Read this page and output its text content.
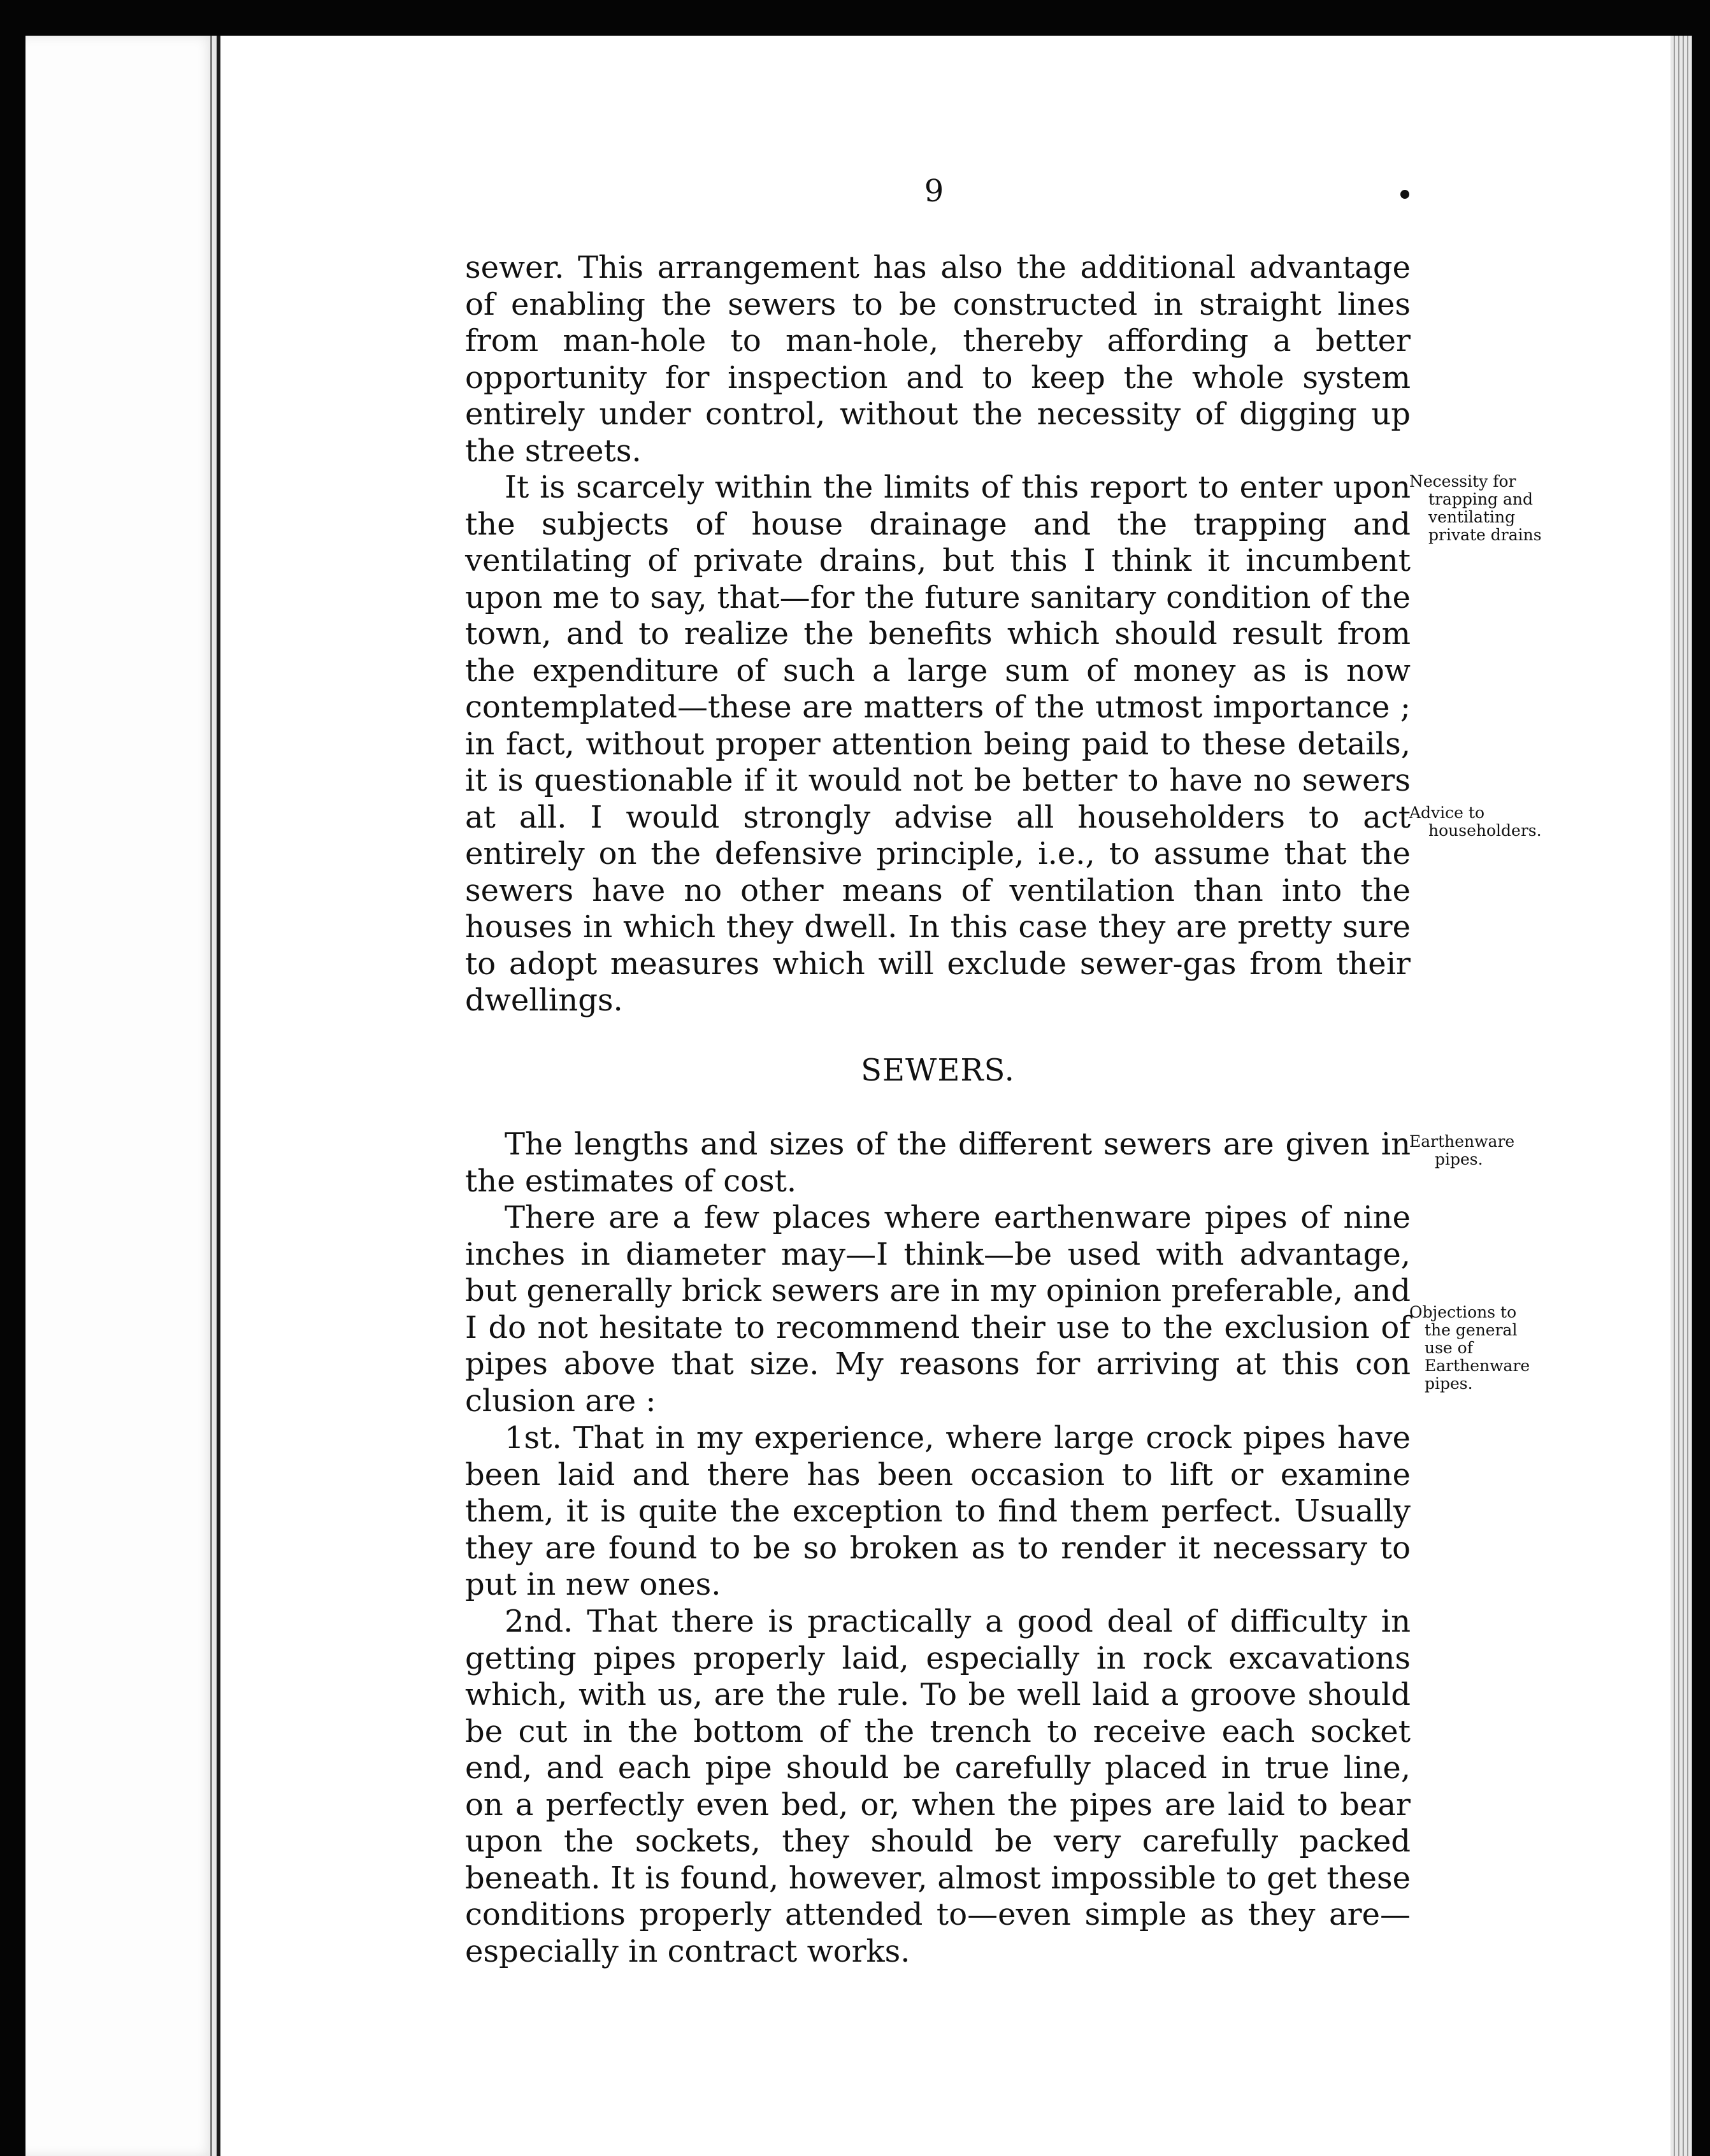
9

sewer. This arrangement has also the additional advantage of enabling the sewers to be constructed in straight lines from man-hole to man-hole, thereby affording a better opportunity for inspection and to keep the whole system entirely under control, without the necessity of digging up the streets.

It is scarcely within the limits of this report to enter upon the subjects of house drainage and the trapping and ventilating of private drains, but this I think it incumbent upon me to say, that—for the future sanitary condition of the town, and to realize the benefits which should result from the expenditure of such a large sum of money as is now contemplated—these are matters of the utmost importance ; in fact, without proper attention being paid to these details, it is questionable if it would not be better to have no sewers at all. I would strongly advise all householders to act entirely on the defensive principle, i.e., to assume that the sewers have no other means of ventilation than into the houses in which they dwell. In this case they are pretty sure to adopt measures which will exclude sewer-gas from their dwellings.

SEWERS.

The lengths and sizes of the different sewers are given in the estimates of cost.

There are a few places where earthenware pipes of nine inches in diameter may—I think—be used with advantage, but generally brick sewers are in my opinion preferable, and I do not hesitate to recommend their use to the exclusion of pipes above that size. My reasons for arriving at this con clusion are :

1st. That in my experience, where large crock pipes have been laid and there has been occasion to lift or examine them, it is quite the exception to find them perfect. Usually they are found to be so broken as to render it necessary to put in new ones.

2nd. That there is practically a good deal of difficulty in getting pipes properly laid, especially in rock excavations which, with us, are the rule. To be well laid a groove should be cut in the bottom of the trench to receive each socket end, and each pipe should be carefully placed in true line, on a perfectly even bed, or, when the pipes are laid to bear upon the sockets, they should be very carefully packed beneath. It is found, however, almost impossible to get these conditions properly attended to—even simple as they are—especially in contract works.

Necessity for
trapping and
ventilating
private drains
Advice to
householders.
Earthenware
pipes.
Objections to
the general
use of
Earthenware
pipes.
